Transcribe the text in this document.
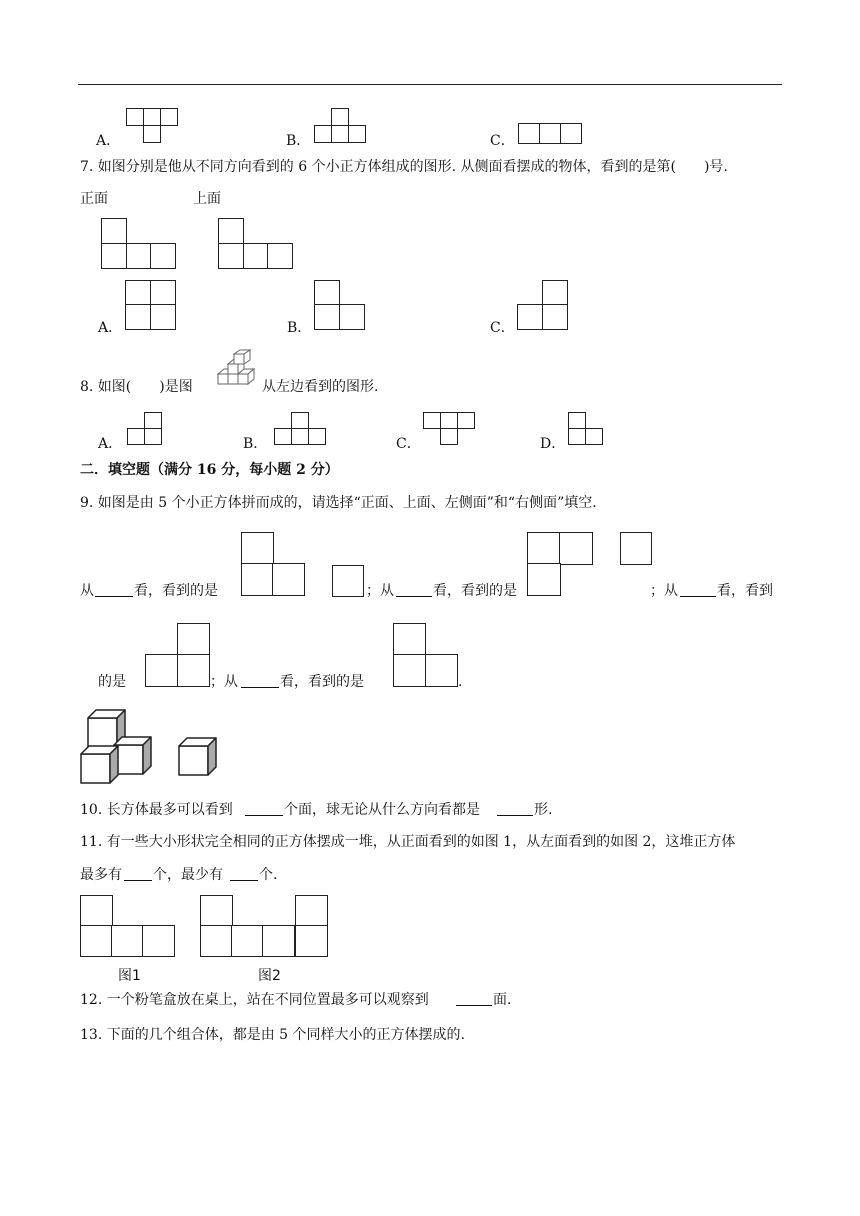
A．	B．	C．
7. 如图分别是他从不同方向看到的 6 个小正方体组成的图形. 从侧面看摆成的物体，看到的是第(　　)号.
正面	上面
A．	B．	C．
8. 如图(　　)是图	从左边看到的图形.
A．	B．	C．	D．
二．填空题（满分 16 分，每小题 2 分）
9. 如图是由 5 个小正方体拼而成的，请选择“正面、上面、左侧面”和“右侧面”填空.
从	看，看到的是	；从	看，看到的是	；从	看，看到
的是	；从	看，看到的是	.
10. 长方体最多可以看到	个面，球无论从什么方向看都是	形.
11. 有一些大小形状完全相同的正方体摆成一堆，从正面看到的如图 1，从左面看到的如图 2，这堆正方体
最多有 个，最少有	个.
图1	图2
12. 一个粉笔盒放在桌上，站在不同位置最多可以观察到	面.
13. 下面的几个组合体，都是由 5 个同样大小的正方体摆成的.
